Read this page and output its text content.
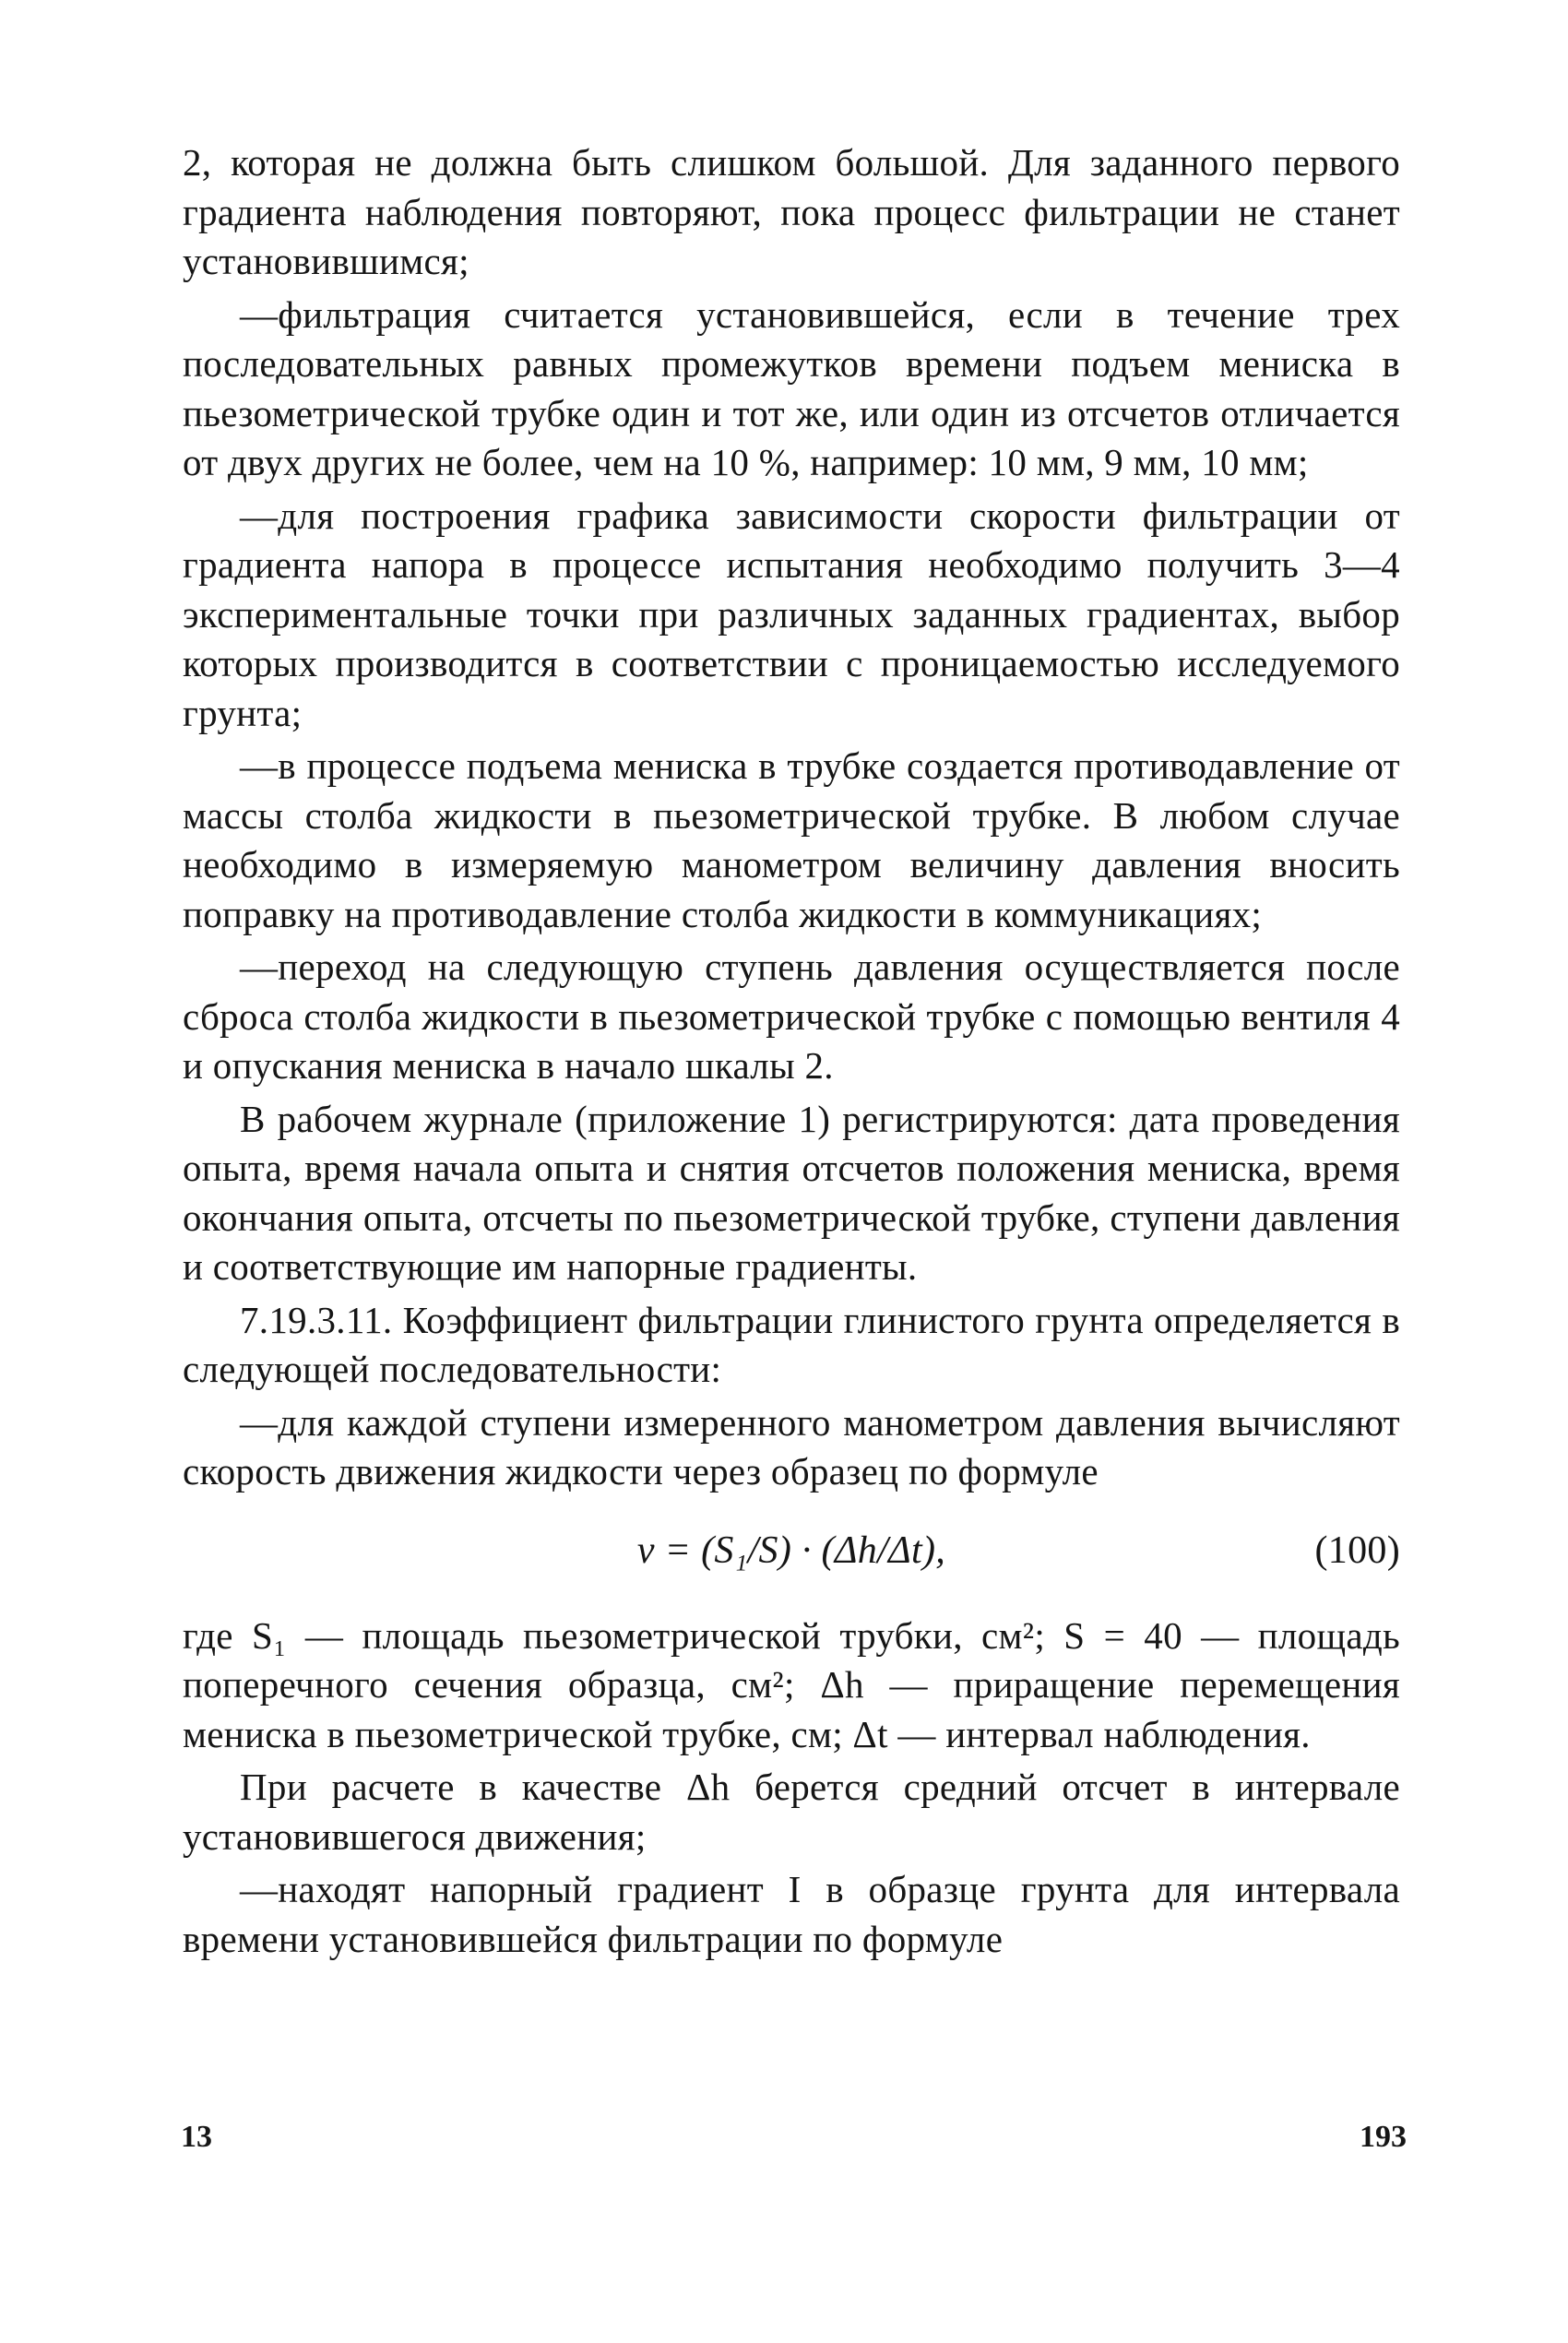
2, которая не должна быть слишком большой. Для заданного первого градиента наблюдения повторяют, пока процесс фильтрации не станет установившимся;

—фильтрация считается установившейся, если в течение трех последовательных равных промежутков времени подъем мениска в пьезометрической трубке один и тот же, или один из отсчетов отличается от двух других не более, чем на 10 %, например: 10 мм, 9 мм, 10 мм;

—для построения графика зависимости скорости фильтрации от градиента напора в процессе испытания необходимо получить 3—4 экспериментальные точки при различных заданных градиентах, выбор которых производится в соответствии с проницаемостью исследуемого грунта;

—в процессе подъема мениска в трубке создается противодавление от массы столба жидкости в пьезометрической трубке. В любом случае необходимо в измеряемую манометром величину давления вносить поправку на противодавление столба жидкости в коммуникациях;

—переход на следующую ступень давления осуществляется после сброса столба жидкости в пьезометрической трубке с помощью вентиля 4 и опускания мениска в начало шкалы 2.

В рабочем журнале (приложение 1) регистрируются: дата проведения опыта, время начала опыта и снятия отсчетов положения мениска, время окончания опыта, отсчеты по пьезометрической трубке, ступени давления и соответствующие им напорные градиенты.

7.19.3.11. Коэффициент фильтрации глинистого грунта определяется в следующей последовательности:

—для каждой ступени измеренного манометром давления вычисляют скорость движения жидкости через образец по формуле

v = (S₁/S) · (Δh/Δt),	(100)

где S₁ — площадь пьезометрической трубки, см²; S = 40 — площадь поперечного сечения образца, см²; Δh — приращение перемещения мениска в пьезометрической трубке, см; Δt — интервал наблюдения.

При расчете в качестве Δh берется средний отсчет в интервале установившегося движения;

—находят напорный градиент I в образце грунта для интервала времени установившейся фильтрации по формуле

13	193
